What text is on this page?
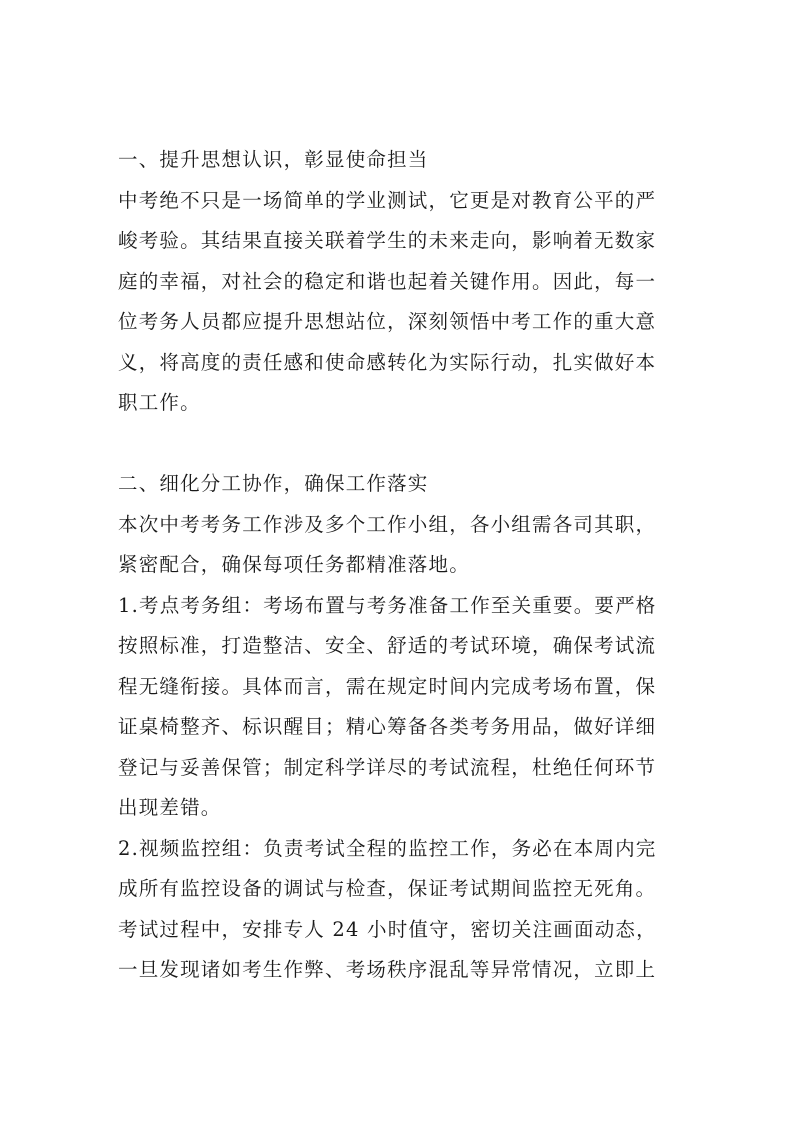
一、提升思想认识，彰显使命担当
中考绝不只是一场简单的学业测试，它更是对教育公平的严
峻考验。其结果直接关联着学生的未来走向，影响着无数家
庭的幸福，对社会的稳定和谐也起着关键作用。因此，每一
位考务人员都应提升思想站位，深刻领悟中考工作的重大意
义，将高度的责任感和使命感转化为实际行动，扎实做好本
职工作。
二、细化分工协作，确保工作落实
本次中考考务工作涉及多个工作小组，各小组需各司其职，
紧密配合，确保每项任务都精准落地。
1.考点考务组：考场布置与考务准备工作至关重要。要严格
按照标准，打造整洁、安全、舒适的考试环境，确保考试流
程无缝衔接。具体而言，需在规定时间内完成考场布置，保
证桌椅整齐、标识醒目；精心筹备各类考务用品，做好详细
登记与妥善保管；制定科学详尽的考试流程，杜绝任何环节
出现差错。
2.视频监控组：负责考试全程的监控工作，务必在本周内完
成所有监控设备的调试与检查，保证考试期间监控无死角。
考试过程中，安排专人 24 小时值守，密切关注画面动态，
一旦发现诸如考生作弊、考场秩序混乱等异常情况，立即上
